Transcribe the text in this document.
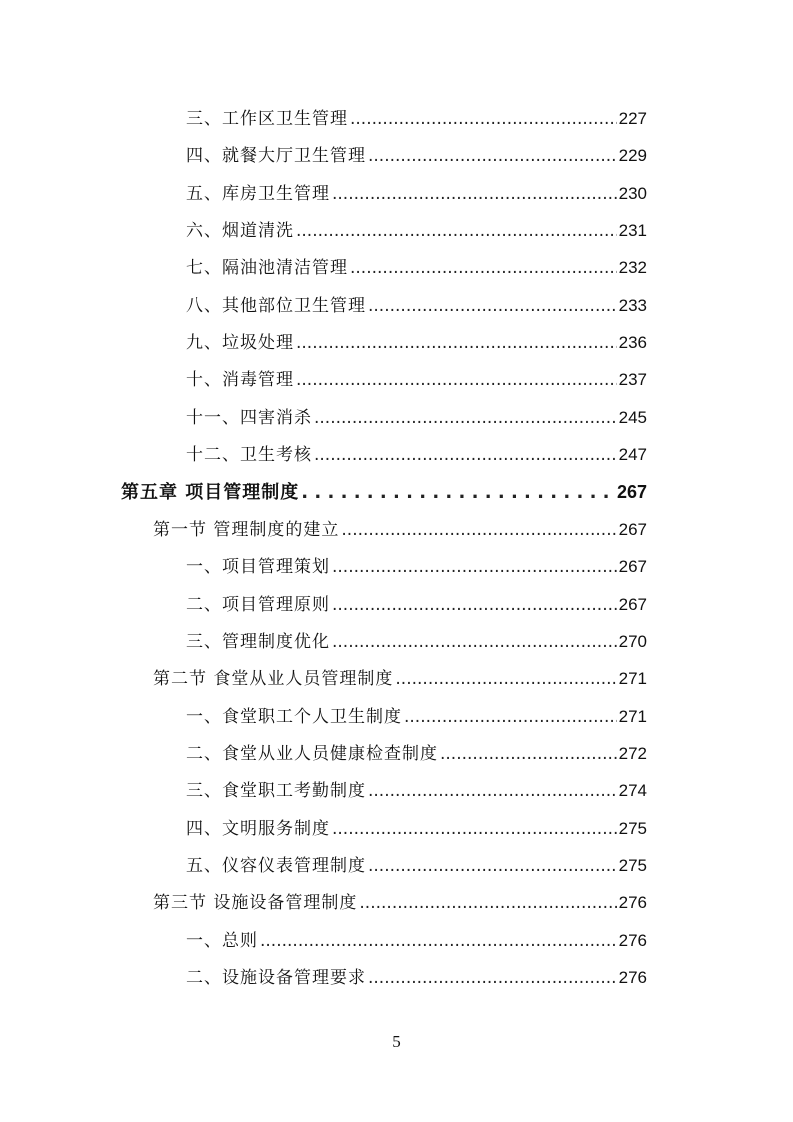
三、工作区卫生管理 .....	227
四、就餐大厅卫生管理 .....	229
五、库房卫生管理 .....	230
六、烟道清洗 .....	231
七、隔油池清洁管理 .....	232
八、其他部位卫生管理 .....	233
九、垃圾处理 .....	236
十、消毒管理 .....	237
十一、四害消杀 .....	245
十二、卫生考核 .....	247
第五章 项目管理制度 . . .	267
第一节 管理制度的建立 .....	267
一、项目管理策划 .....	267
二、项目管理原则 .....	267
三、管理制度优化 .....	270
第二节 食堂从业人员管理制度 .....	271
一、食堂职工个人卫生制度 .....	271
二、食堂从业人员健康检查制度 .....	272
三、食堂职工考勤制度 .....	274
四、文明服务制度 .....	275
五、仪容仪表管理制度 .....	275
第三节 设施设备管理制度 .....	276
一、总则 .....	276
二、设施设备管理要求 .....	276
5
